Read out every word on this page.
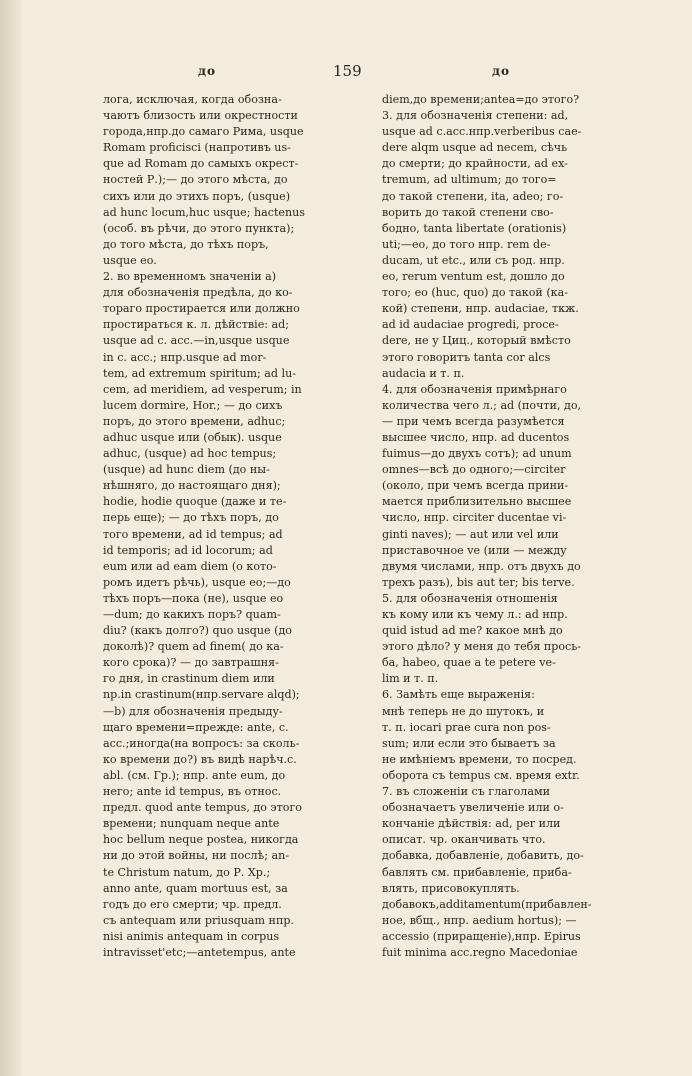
до	159	до
лога, исключая, когда обозна-
чаютъ близость или окрестности
города,нпр.до самаго Рима, usque
Romam proficisci (напротивъ us-
que ad Romam до самыхъ окрест-
ностей Р.);— до этого мѣста, до
сихъ или до этихъ поръ, (usque)
ad hunc locum,huc usque; hactenus
(особ. въ рѣчи, до этого пункта);
до того мѣста, до тѣхъ поръ,
usque eo.
2. во временномъ значеніи а)
для обозначенія предѣла, до ко-
тораго простирается или должно
простираться к. л. дѣйствіе: ad;
usque ad c. acc.—in,usque usque
in c. acc.; нпр.usque ad mor-
tem, ad extremum spiritum; ad lu-
cem, ad meridiem, ad vesperum; in
lucem dormire, Hor.; — до сихъ
поръ, до этого времени, adhuc;
adhuc usque или (обык). usque
adhuc, (usque) ad hoc tempus;
(usque) ad hunc diem (до ны-
нѣшняго, до настоящаго дня);
hodie, hodie quoque (даже и те-
перь еще); — до тѣхъ поръ, до
того времени, ad id tempus; ad
id temporis; ad id locorum; ad
eum или ad eam diem (о кото-
ромъ идетъ рѣчь), usque eo;—до
тѣхъ поръ—пока (не), usque eo
—dum; до какихъ поръ? quam-
diu? (какъ долго?) quo usque (до
доколѣ)? quem ad finem( до ка-
кого срока)? — до завтрашня-
го дня, in crastinum diem или
np.in crastinum(нпр.servare alqd);
—b) для обозначенія предыду-
щаго времени=прежде: ante, c.
acc.;иногда(на вопросъ: за сколь-
ко времени до?) въ видѣ нарѣч.с.
abl. (см. Гр.); нпр. ante eum, до
него; ante id tempus, въ относ.
предл. quod ante tempus, до этого
времени; nunquam neque ante
hoc bellum neque postea, никогда
ни до этой войны, ни послѣ; an-
te Christum natum, до Р. Хр.;
anno ante, quam mortuus est, за
годъ до его смерти; чр. предл.
съ antequam или priusquam нпр.
nisi animis antequam in corpus
intravisset'etc;—antetempus, ante
diem,до времени;antea=до этого?
3. для обозначенія степени: ad,
usque ad c.acc.нпр.verberibus cae-
dere alqm usque ad necem, сѣчь
до смерти; до крайности, ad ex-
tremum, ad ultimum; до того=
до такой степени, ita, adeo; го-
ворить до такой степени сво-
бодно, tanta libertate (orationis)
uti;—eo, до того нпр. rem de-
ducam, ut etc., или съ род. нпр.
eo, rerum ventum est, дошло до
того; eo (huc, quo) до такой (ка-
кой) степени, нпр. audaciae, ткж.
ad id audaciae progredi, proce-
dere, не у Циц., который вмѣсто
этого говоритъ tanta cor alcs
audacia и т. п.
4. для обозначенія примѣрнаго
количества чего л.; ad (почти, до,
— при чемъ всегда разумѣется
высшее число, нпр. ad ducentos
fuimus—до двухъ сотъ); ad unum
omnes—всѣ до одного;—circiter
(около, при чемъ всегда прини-
мается приблизительно высшее
число, нпр. circiter ducentae vi-
ginti naves); — aut или vel или
приставочное ve (или — между
двумя числами, нпр. отъ двухъ до
трехъ разъ), bis aut ter; bis terve.
5. для обозначенія отношенія
къ кому или къ чему л.: ad нпр.
quid istud ad me? какое мнѣ до
этого дѣло? у меня до тебя прось-
ба, habeo, quae a te petere ve-
lim и т. п.
6. Замѣть еще выраженія:
мнѣ теперь не до шутокъ, и
т. п. iocari prae cura non pos-
sum; или если это бываетъ за
не имѣніемъ времени, то посред.
оборота съ tempus см. время extr.
7. въ сложеніи съ глаголами
обозначаетъ увеличеніе или о-
кончаніе дѣйствія: ad, per или
описат. чр. оканчивать что.
добавка, добавленіе, добавить, до-
бавлять см. прибавленіе, приба-
влять, присовокуплять.
добавокъ,additamentum(прибавлен-
ное, вбщ., нпр. aedium hortus); —
accessio (приращеніе),нпр. Epirus
fuit minima acc.regno Macedoniae
